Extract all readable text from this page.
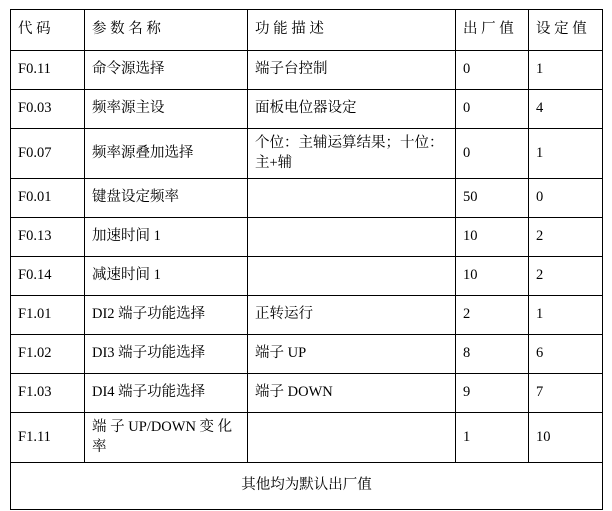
代 码	参 数 名 称	功 能 描 述	出 厂 值	设 定 值
F0.11	命令源选择	端子台控制	0	1
F0.03	频率源主设	面板电位器设定	0	4
F0.07	频率源叠加选择	个位：主辅运算结果；十位：主+辅	0	1
F0.01	键盘设定频率		50	0
F0.13	加速时间 1		10	2
F0.14	减速时间 1		10	2
F1.01	DI2 端子功能选择	正转运行	2	1
F1.02	DI3 端子功能选择	端子 UP	8	6
F1.03	DI4 端子功能选择	端子 DOWN	9	7
F1.11	端 子 UP/DOWN 变 化率		1	10
其他均为默认出厂值				
